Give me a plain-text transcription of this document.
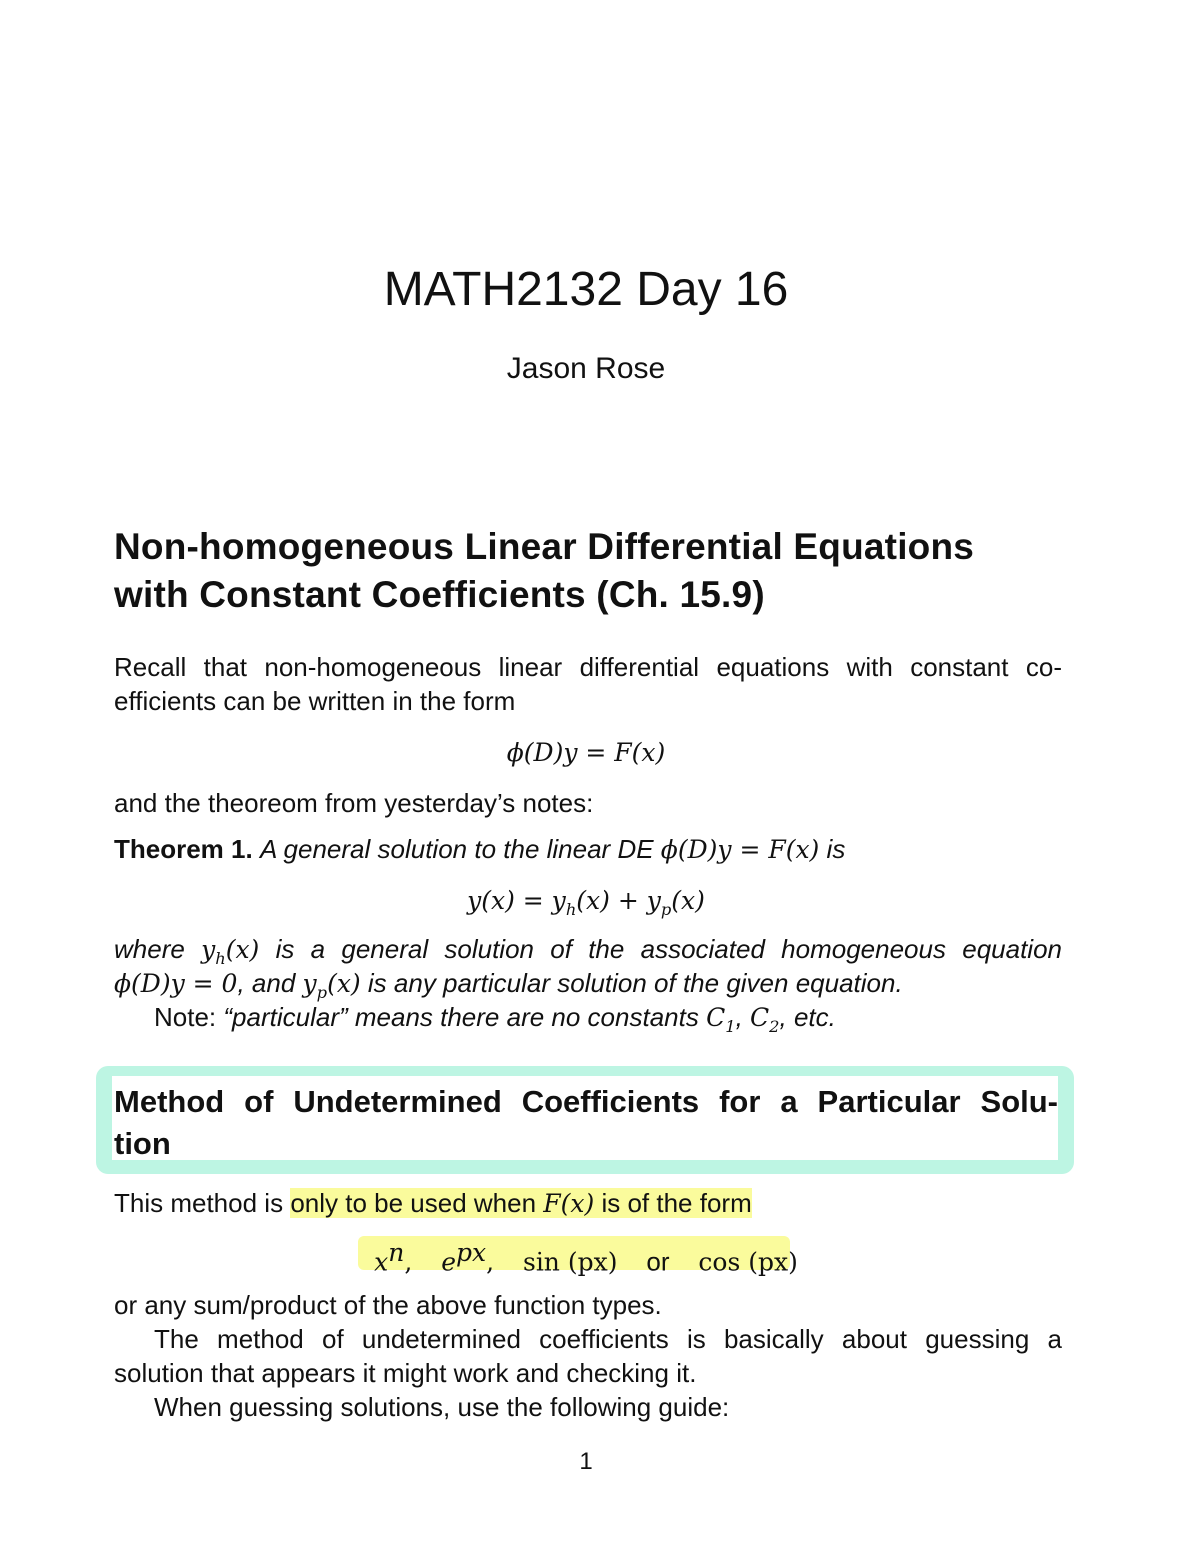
MATH2132 Day 16
Jason Rose
Non-homogeneous Linear Differential Equations
with Constant Coefficients (Ch. 15.9)
Recall that non-homogeneous linear differential equations with constant co-
efficients can be written in the form
ϕ(D)y = F(x)
and the theoreom from yesterday’s notes:
Theorem 1. A general solution to the linear DE ϕ(D)y = F(x) is
$y(x) = y_h(x) + y_p(x)$
where $y_h(x)$ is a general solution of the associated homogeneous equation
ϕ(D)y = 0, and $y_p(x)$ is any particular solution of the given equation.
Note: “particular” means there are no constants $C_1$, $C_2$, etc.
Method of Undetermined Coefficients for a Particular Solu-
tion
This method is only to be used when F(x) is of the form
$x^n$, $e^{px}$, sin (px) or cos (px)
or any sum/product of the above function types.
The method of undetermined coefficients is basically about guessing a
solution that appears it might work and checking it.
When guessing solutions, use the following guide:
1
